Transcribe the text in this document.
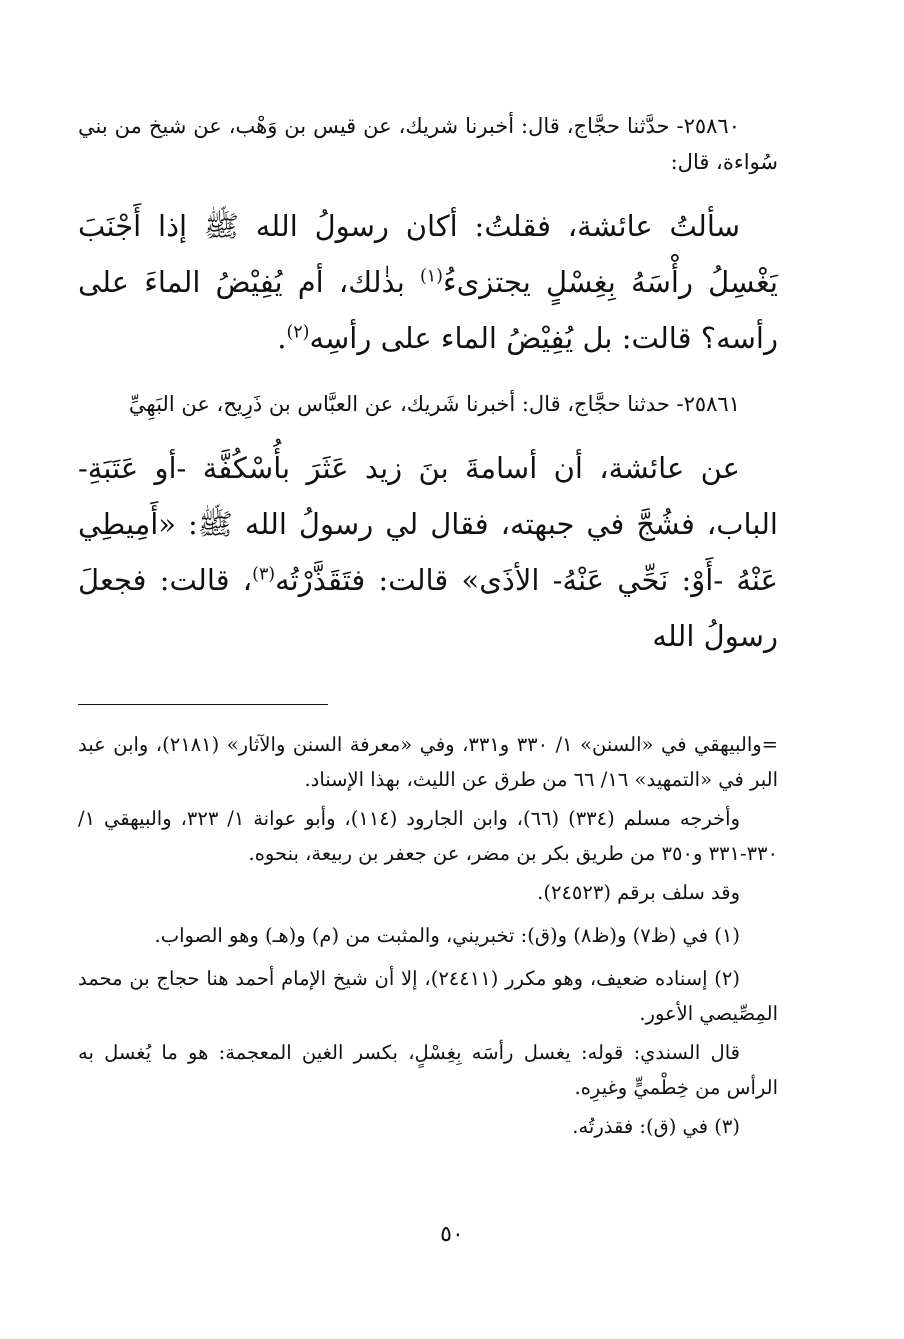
٢٥٨٦٠- حدَّثنا حجَّاج، قال: أخبرنا شريك، عن قيس بن وَهْب، عن شيخ من بني سُواءة، قال:

سألتُ عائشة، فقلتُ: أكان رسولُ الله ﷺ إذا أَجْنَبَ يَغْسِلُ رأْسَهُ بِغِسْلٍ يجتزىءُ$^{(١)}$ بذٰلك، أم يُفِيْضُ الماءَ على رأسه؟ قالت: بل يُفِيْضُ الماء على رأسِه$^{(٢)}$.

٢٥٨٦١- حدثنا حجَّاج، قال: أخبرنا شَريك، عن العبَّاس بن ذَرِيح، عن البَهِيِّ

عن عائشة، أن أسامةَ بنَ زيد عَثَرَ بأُسْكُفَّة -أو عَتَبَةِ- الباب، فشُجَّ في جبهته، فقال لي رسولُ الله ﷺ: «أَمِيطِي عَنْهُ -أَوْ: نَحِّي عَنْهُ- الأذَى» قالت: فتَقَذَّرْتُه$^{(٣)}$، قالت: فجعلَ رسولُ الله

=والبيهقي في «السنن» ١/ ٣٣٠ و٣٣١، وفي «معرفة السنن والآثار» (٢١٨١)، وابن عبد البر في «التمهيد» ١٦/ ٦٦ من طرق عن الليث، بهذا الإسناد.

وأخرجه مسلم (٣٣٤) (٦٦)، وابن الجارود (١١٤)، وأبو عوانة ١/ ٣٢٣، والبيهقي ١/ ٣٣٠-٣٣١ و٣٥٠ من طريق بكر بن مضر، عن جعفر بن ربيعة، بنحوه.

وقد سلف برقم (٢٤٥٢٣).

(١) في (ظ٧) و(ظ٨) و(ق): تخبريني، والمثبت من (م) و(هـ) وهو الصواب.

(٢) إسناده ضعيف، وهو مكرر (٢٤٤١١)، إلا أن شيخ الإمام أحمد هنا حجاج بن محمد المِصِّيصي الأعور.

قال السندي: قوله: يغسل رأسَه بِغِسْلٍ، بكسر الغين المعجمة: هو ما يُغسل به الرأس من خِطْميٍّ وغيرِه.

(٣) في (ق): فقذرتُه.

٥٠
